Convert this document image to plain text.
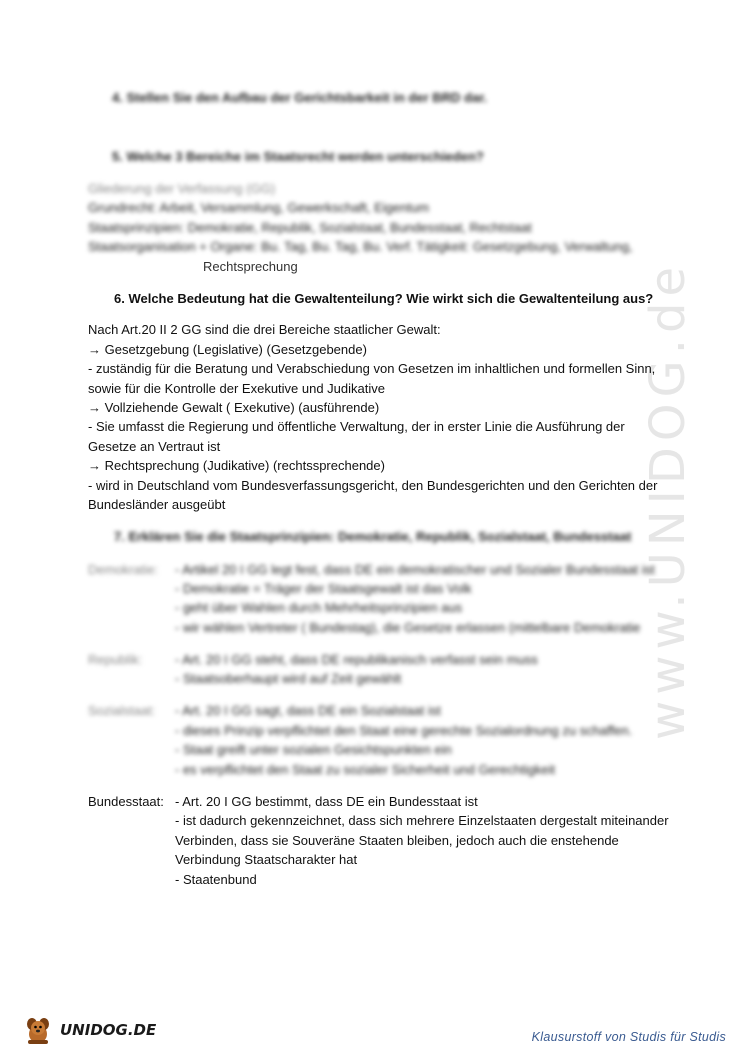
www.UNIDOG.de
4. Stellen Sie den Aufbau der Gerichtsbarkeit in der BRD dar.
5. Welche 3 Bereiche im Staatsrecht werden unterschieden?
Gliederung der Verfassung (GG)
Grundrecht: Arbeit, Versammlung, Gewerkschaft, Eigentum
Staatsprinzipien: Demokratie, Republik, Sozialstaat, Bundesstaat, Rechtstaat
Staatsorganisation + Organe: Bu. Tag, Bu. Tag, Bu. Verf. Tätigkeit: Gesetzgebung, Verwaltung,
Rechtsprechung
6. Welche Bedeutung hat die Gewaltenteilung? Wie wirkt sich die Gewaltenteilung aus?
Nach Art.20 II 2 GG sind die drei Bereiche staatlicher Gewalt:
→ Gesetzgebung (Legislative) (Gesetzgebende)
- zuständig für die Beratung und Verabschiedung von Gesetzen im inhaltlichen und formellen Sinn,
sowie für die Kontrolle der Exekutive und Judikative
→ Vollziehende Gewalt ( Exekutive) (ausführende)
- Sie umfasst die Regierung und öffentliche Verwaltung, der in erster Linie die Ausführung der
Gesetze an Vertraut ist
→ Rechtsprechung (Judikative) (rechtssprechende)
- wird in Deutschland vom Bundesverfassungsgericht, den Bundesgerichten und den Gerichten der
Bundesländer ausgeübt
7. Erklären Sie die Staatsprinzipien: Demokratie, Republik, Sozialstaat, Bundesstaat
Demokratie: - Artikel 20 I GG legt fest, dass DE ein demokratischer und Sozialer Bundesstaat ist
- Demokratie = Träger der Staatsgewalt ist das Volk
- geht über Wahlen durch Mehrheitsprinzipien aus
- wir wählen Vertreter ( Bundestag), die Gesetze erlassen (mittelbare Demokratie
Republik:	- Art. 20 I GG steht, dass DE republikanisch verfasst sein muss
- Staatsoberhaupt wird auf Zeit gewählt
Sozialstaat: - Art. 20 I GG sagt, dass DE ein Sozialstaat ist
- dieses Prinzip verpflichtet den Staat eine gerechte Sozialordnung zu schaffen.
- Staat greift unter sozialen Gesichtspunkten ein
- es verpflichtet den Staat zu sozialer Sicherheit und Gerechtigkeit
Bundesstaat: - Art. 20 I GG bestimmt, dass DE ein Bundesstaat ist
- ist dadurch gekennzeichnet, dass sich mehrere Einzelstaaten dergestalt miteinander
Verbinden, dass sie Souveräne Staaten bleiben, jedoch auch die enstehende
Verbindung Staatscharakter hat
- Staatenbund
UNIDOG.DE	Klausurstoff von Studis für Studis
